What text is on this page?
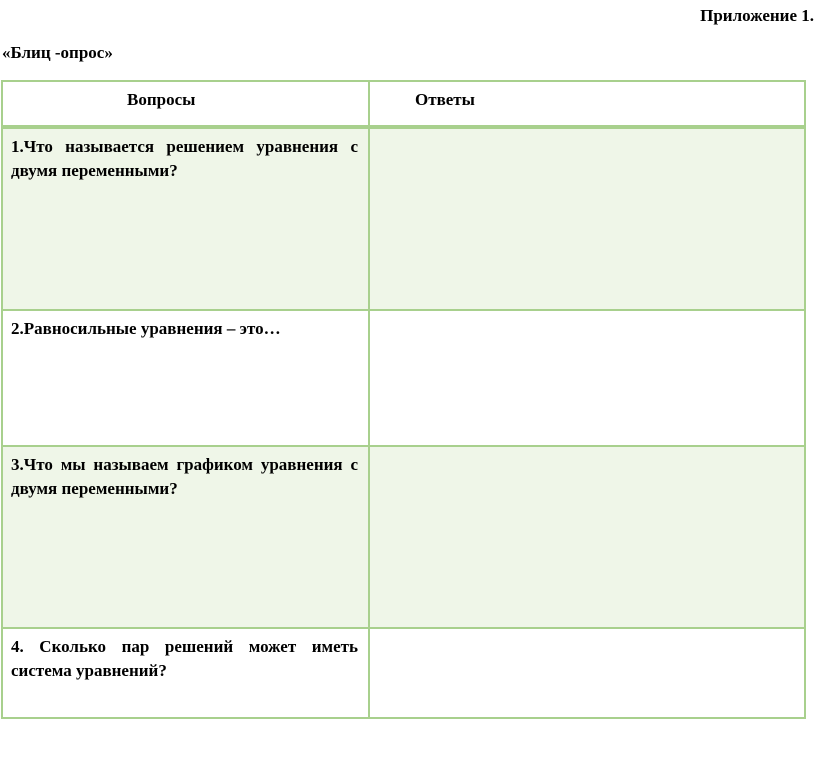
Приложение 1.
«Блиц -опрос»
Вопросы	Ответы

1.Что называется решением уравнения с двумя переменными?	
2.Равносильные уравнения – это…	
3.Что мы называем графиком уравнения с двумя переменными?	
4. Сколько пар решений может иметь система уравнений?	
